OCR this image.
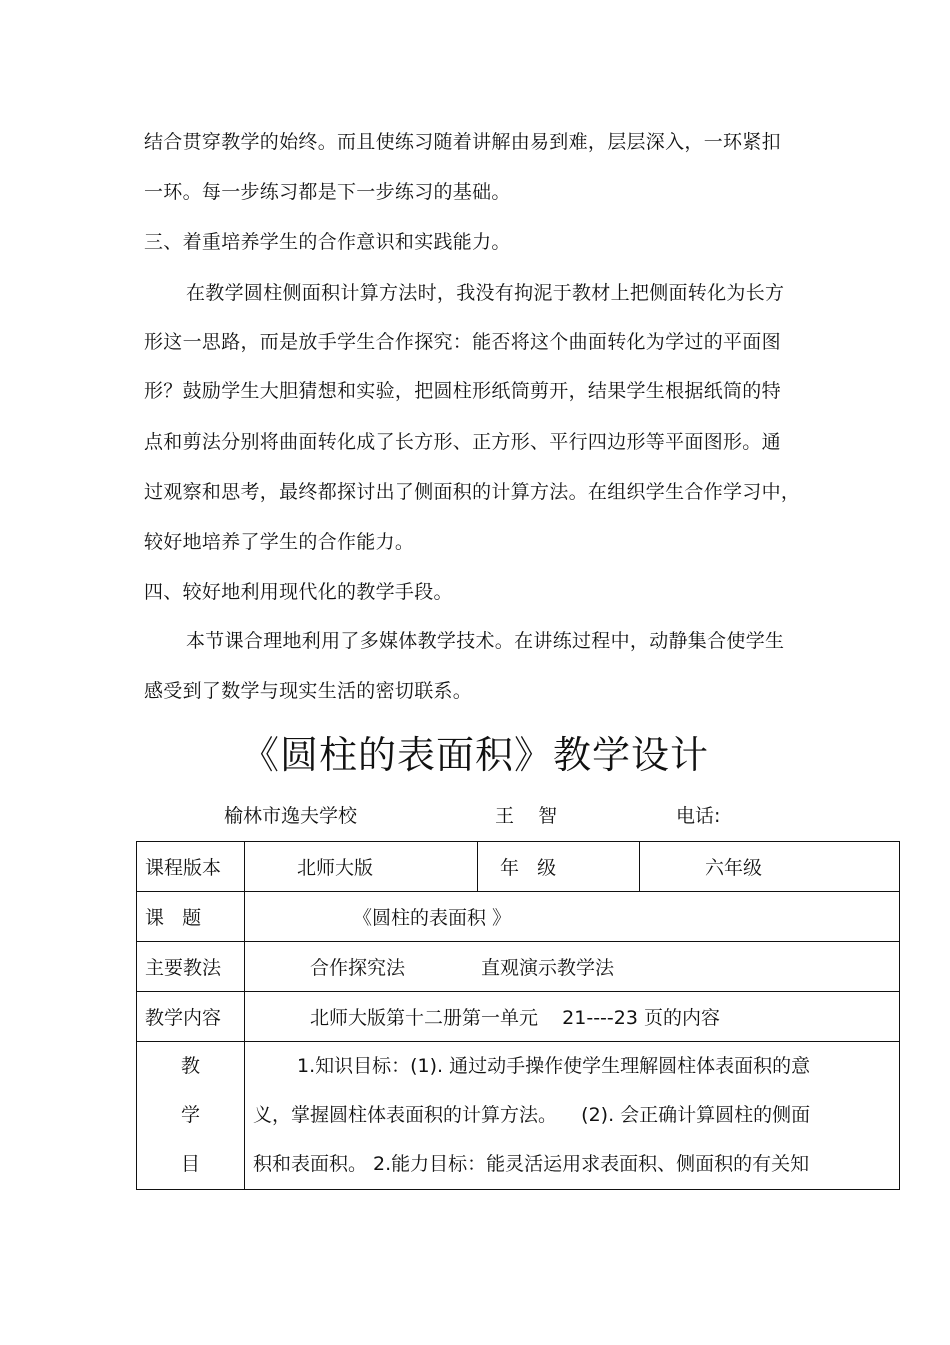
结合贯穿教学的始终。而且使练习随着讲解由易到难，层层深入，一环紧扣
一环。每一步练习都是下一步练习的基础。
三、着重培养学生的合作意识和实践能力。
在教学圆柱侧面积计算方法时，我没有拘泥于教材上把侧面转化为长方
形这一思路，而是放手学生合作探究：能否将这个曲面转化为学过的平面图
形？鼓励学生大胆猜想和实验，把圆柱形纸筒剪开，结果学生根据纸筒的特
点和剪法分别将曲面转化成了长方形、正方形、平行四边形等平面图形。通
过观察和思考，最终都探讨出了侧面积的计算方法。在组织学生合作学习中，
较好地培养了学生的合作能力。
四、较好地利用现代化的教学手段。
本节课合理地利用了多媒体教学技术。在讲练过程中，动静集合使学生
感受到了数学与现实生活的密切联系。
《圆柱的表面积》教学设计
榆林市逸夫学校	王    智	电话:
课程版本	北师大版	年   级	六年级
课   题	《圆柱的表面积 》		
主要教法	合作探究法 直观演示教学法		
教学内容	北师大版第十二册第一单元    21----23 页的内容		

教
学
目	1.知识目标：(1). 通过动手操作使学生理解圆柱体表面积的意
义，掌握圆柱体表面积的计算方法。    (2). 会正确计算圆柱的侧面
积和表面积。 2.能力目标：能灵活运用求表面积、侧面积的有关知		
